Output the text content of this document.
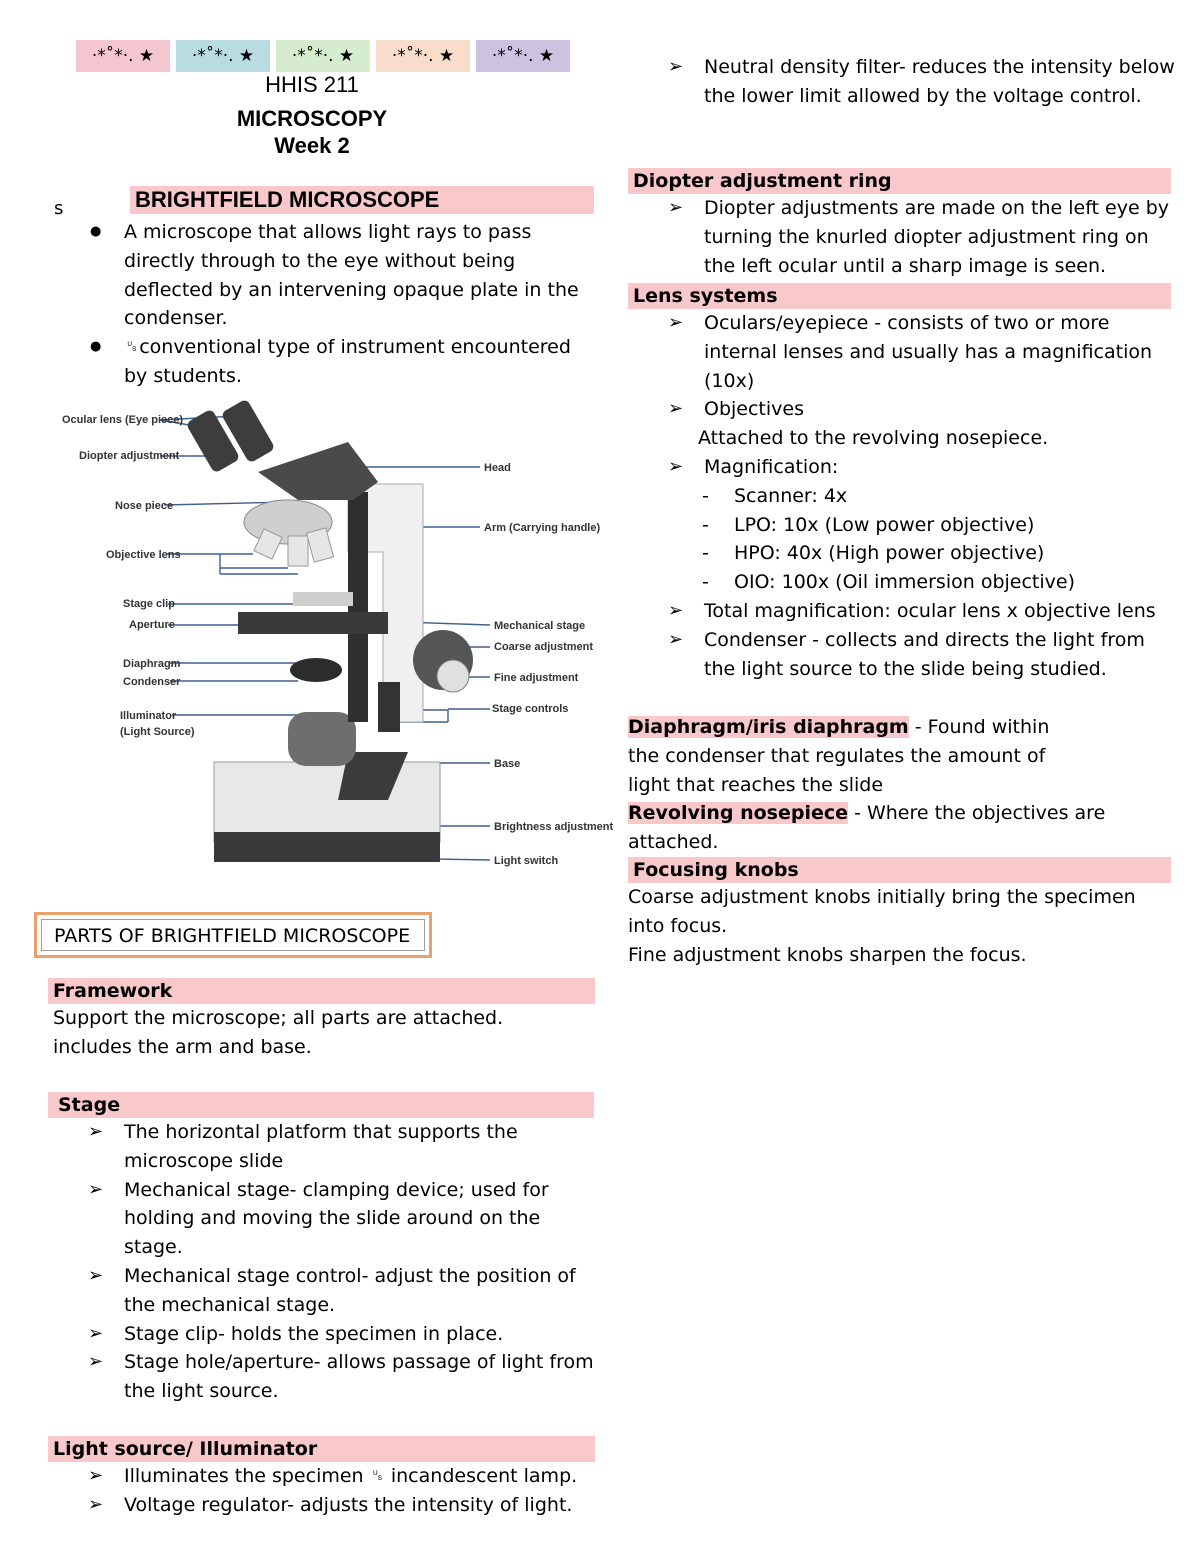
·*˚*·. ★	·*˚*·. ★	·*˚*·. ★	·*˚*·. ★	·*˚*·. ★
HHIS 211
MICROSCOPY
Week 2
s	BRIGHTFIELD MICROSCOPE
● A microscope that allows light rays to pass directly through to the eye without being deflected by an intervening opaque plate in the condenser.
● ␟conventional type of instrument encountered by students.
Ocular lens (Eye piece)
Diopter adjustment
Nose piece
Objective lens
Stage clip
Aperture
Diaphragm
Condenser
Illuminator
(Light Source)
Head
Arm (Carrying handle)
Mechanical stage
Coarse adjustment
Fine adjustment
Stage controls
Base
Brightness adjustment
Light switch
PARTS OF BRIGHTFIELD MICROSCOPE
Framework
Support the microscope; all parts are attached.
includes the arm and base.
Stage
➢ The horizontal platform that supports the microscope slide
➢ Mechanical stage- clamping device; used for holding and moving the slide around on the stage.
➢ Mechanical stage control- adjust the position of the mechanical stage.
➢ Stage clip- holds the specimen in place.
➢ Stage hole/aperture- allows passage of light from the light source.
Light source/ Illuminator
➢ Illuminates the specimen ␟ incandescent lamp.
➢ Voltage regulator- adjusts the intensity of light.
➢ Neutral density filter- reduces the intensity below the lower limit allowed by the voltage control.
Diopter adjustment ring
➢ Diopter adjustments are made on the left eye by turning the knurled diopter adjustment ring on the left ocular until a sharp image is seen.
Lens systems
➢ Oculars/eyepiece - consists of two or more internal lenses and usually has a magnification (10x)
➢ Objectives
Attached to the revolving nosepiece.
➢ Magnification:
- Scanner: 4x
- LPO: 10x (Low power objective)
- HPO: 40x (High power objective)
- OIO: 100x (Oil immersion objective)
➢ Total magnification: ocular lens x objective lens
➢ Condenser - collects and directs the light from the light source to the slide being studied.
Diaphragm/iris diaphragm - Found within the condenser that regulates the amount of light that reaches the slide
Revolving nosepiece - Where the objectives are attached.
Focusing knobs
Coarse adjustment knobs initially bring the specimen into focus.
Fine adjustment knobs sharpen the focus.
